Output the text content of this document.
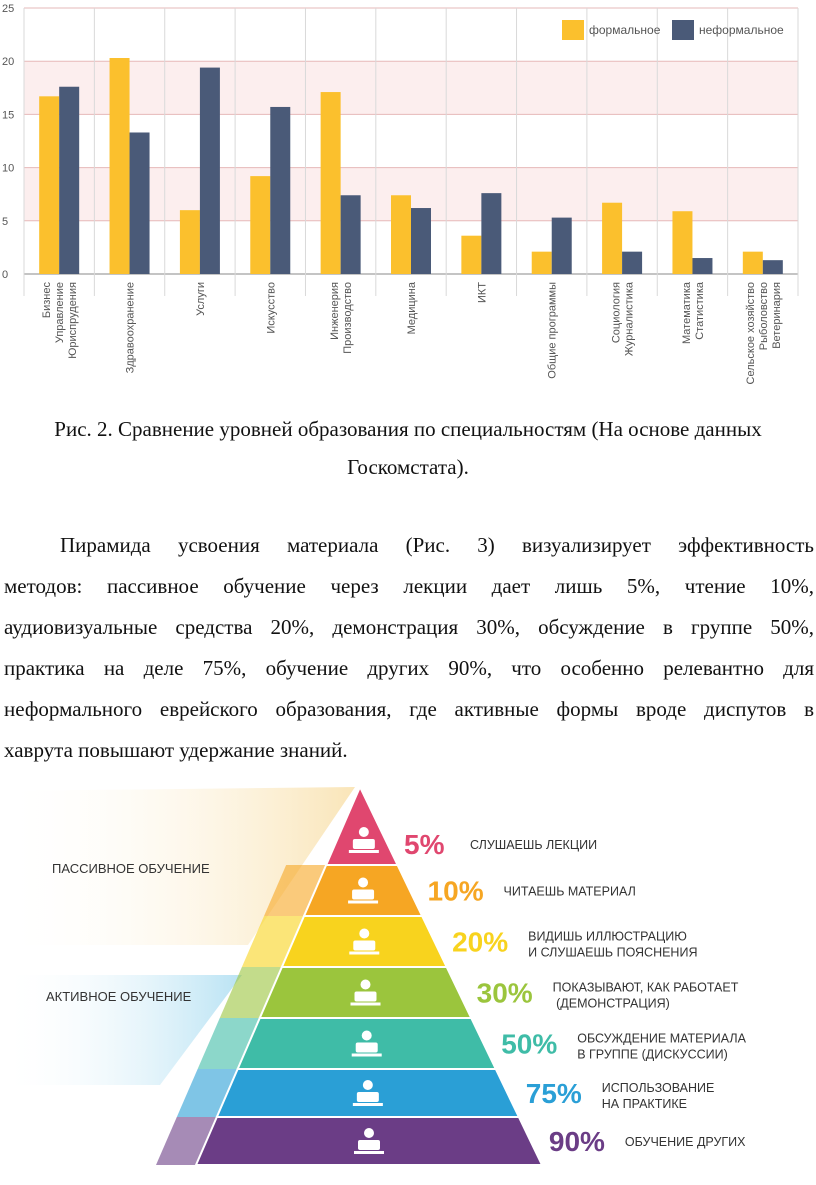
0
5
10
15
20
25
БизнесУправлениеЮриспрудения	Здравоохранение	Услуги	Искусство	ИнженерияПроизводство	Медицина	ИКТ	Общие программы	СоциологияЖурналистика	МатематикаСтатистика	Сельское хозяйствоРыболовствоВетеринария
формальное	неформальное
Рис. 2. Сравнение уровней образования по специальностям (На основе данных
Госкомстата).
Пирамида усвоения материала (Рис. 3) визуализирует эффективность
методов: пассивное обучение через лекции дает лишь 5%, чтение 10%,
аудиовизуальные средства 20%, демонстрация 30%, обсуждение в группе 50%,
практика на деле 75%, обучение других 90%, что особенно релевантно для
неформального еврейского образования, где активные формы вроде диспутов в
хаврута повышают удержание знаний.
ПАССИВНОЕ ОБУЧЕНИЕ
АКТИВНОЕ ОБУЧЕНИЕ
5% СЛУШАЕШЬ ЛЕКЦИИ
10% ЧИТАЕШЬ МАТЕРИАЛ
20% ВИДИШЬ ИЛЛЮСТРАЦИЮ И СЛУШАЕШЬ ПОЯСНЕНИЯ
30% ПОКАЗЫВАЮТ, КАК РАБОТАЕТ (ДЕМОНСТРАЦИЯ)
50% ОБСУЖДЕНИЕ МАТЕРИАЛА В ГРУППЕ (ДИСКУССИИ)
75% ИСПОЛЬЗОВАНИЕ НА ПРАКТИКЕ
90% ОБУЧЕНИЕ ДРУГИХ
